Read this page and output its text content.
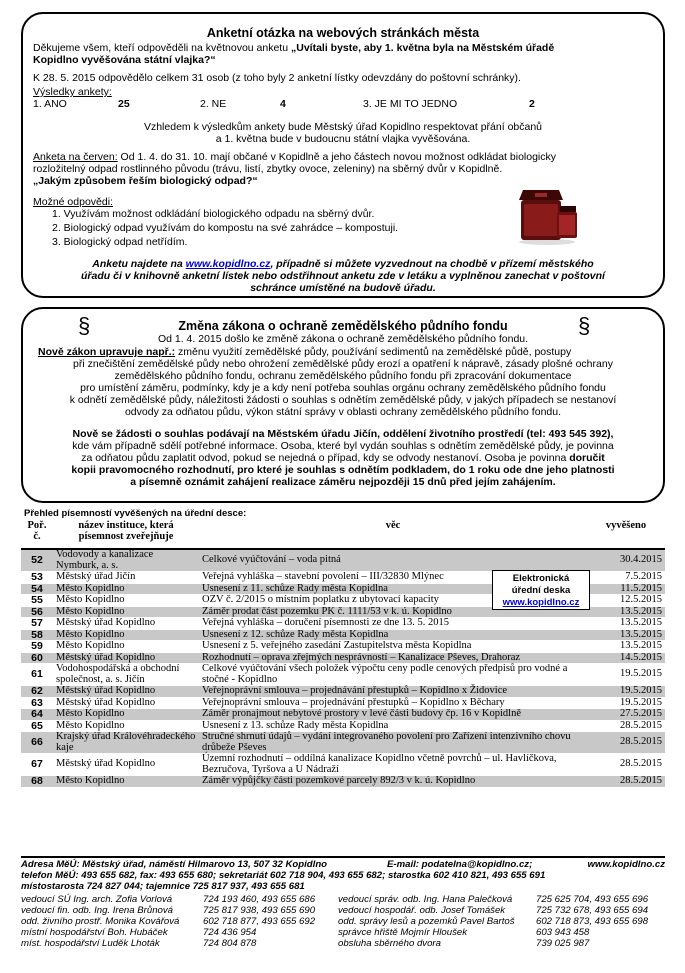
Anketní otázka na webových stránkách města
Děkujeme všem, kteří odpověděli na květnovou anketu „Uvítali byste, aby 1. května byla na Městském úřadě
Kopidlno vyvěšována státní vlajka?“
K 28. 5. 2015 odpovědělo celkem 31 osob (z toho byly 2 anketní lístky odevzdány do poštovní schránky).
Výsledky ankety:
1. ANO	25	2. NE	4	3. JE MI TO JEDNO	2
Vzhledem k výsledkům ankety bude Městský úřad Kopidlno respektovat přání občanů
a 1. května bude v budoucnu státní vlajka vyvěšována.
Anketa na červen: Od 1. 4. do 31. 10. mají občané v Kopidlně a jeho částech novou možnost odkládat biologicky
rozložitelný odpad rostlinného původu (trávu, listí, zbytky ovoce, zeleniny) na sběrný dvůr v Kopidlně.
„Jakým způsobem řeším biologický odpad?“
Možné odpovědi:
1. Využívám možnost odkládání biologického odpadu na sběrný dvůr.
2. Biologický odpad využívám do kompostu na své zahrádce – kompostuji.
3. Biologický odpad netřídím.
Anketu najdete na www.kopidlno.cz, případně si můžete vyzvednout na chodbě v přízemí městského
úřadu či v knihovně anketní lístek nebo odstřihnout anketu zde v letáku a vyplněnou zanechat v poštovní
schránce umístěné na budově úřadu.
§	§
Změna zákona o ochraně zemědělského půdního fondu
Od 1. 4. 2015 došlo ke změně zákona o ochraně zemědělského půdního fondu.
Nově zákon upravuje např.: změnu využití zemědělské půdy, používání sedimentů na zemědělské půdě, postupy
při znečištění zemědělské půdy nebo ohrožení zemědělské půdy erozí a opatření k nápravě, zásady plošné ochrany
zemědělského půdního fondu, ochranu zemědělského půdního fondu při zpracování dokumentace
pro umístění záměru, podmínky, kdy je a kdy není potřeba souhlas orgánu ochrany zemědělského půdního fondu
k odnětí zemědělské půdy, náležitosti žádosti o souhlas s odnětím zemědělské půdy, v jakých případech se nestanoví
odvody za odňatou půdu, výkon státní správy v oblasti ochrany zemědělského půdního fondu.
Nově se žádosti o souhlas podávají na Městském úřadu Jičín, oddělení životního prostředí (tel: 493 545 392),
kde vám případně sdělí potřebné informace. Osoba, které byl vydán souhlas s odnětím zemědělské půdy, je povinna
za odňatou půdu zaplatit odvod, pokud se nejedná o případ, kdy se odvody nestanoví. Osoba je povinna doručit
kopii pravomocného rozhodnutí, pro které je souhlas s odnětím podkladem, do 1 roku ode dne jeho platnosti
a písemně oznámit zahájení realizace záměru nejpozději 15 dnů před jejím zahájením.
Přehled písemností vyvěšených na úřední desce:
Poř. č.	název instituce, která písemnost zveřejňuje	věc	vyvěšeno
52	Vodovody a kanalizace Nymburk, a. s.	Celkové vyúčtování – voda pitná	30.4.2015
53	Městský úřad Jičín	Veřejná vyhláška – stavební povolení – III/32830 Mlýnec	7.5.2015
54	Město Kopidlno	Usnesení z 11. schůze Rady města Kopidlna	11.5.2015
55	Město Kopidlno	OZV č. 2/2015 o místním poplatku z ubytovací kapacity	12.5.2015
56	Město Kopidlno	Záměr prodat část pozemku PK č. 1111/53 v k. ú. Kopidlno	13.5.2015
57	Městský úřad Kopidlno	Veřejná vyhláška – doručení písemnosti ze dne 13. 5. 2015	13.5.2015
58	Město Kopidlno	Usnesení z 12. schůze Rady města Kopidlna	13.5.2015
59	Město Kopidlno	Usnesení z 5. veřejného zasedání Zastupitelstva města Kopidlna	13.5.2015
60	Městský úřad Kopidlno	Rozhodnutí – oprava zřejmých nesprávností – Kanalizace Pševes, Drahoraz	14.5.2015
61	Vodohospodářská a obchodní společnost, a. s. Jičín	Celkové vyúčtování všech položek výpočtu ceny podle cenových předpisů pro vodné a stočné - Kopidlno	19.5.2015
62	Městský úřad Kopidlno	Veřejnoprávní smlouva – projednávání přestupků – Kopidlno x Židovice	19.5.2015
63	Městský úřad Kopidlno	Veřejnoprávní smlouva – projednávání přestupků – Kopidlno x Běchary	19.5.2015
64	Město Kopidlno	Záměr pronajmout nebytové prostory v levé části budovy čp. 16 v Kopidlně	27.5.2015
65	Město Kopidlno	Usnesení z 13. schůze Rady města Kopidlna	28.5.2015
66	Krajský úřad Královéhradeckého kaje	Stručné shrnutí údajů – vydání integrovaného povolení pro Zařízení intenzivního chovu drůbeže Pševes	28.5.2015
67	Městský úřad Kopidlno	Územní rozhodnutí – oddílná kanalizace Kopidlno včetně povrchů – ul. Havlíčkova, Bezručova, Tyršova a U Nádraží	28.5.2015
68	Město Kopidlno	Záměr výpůjčky části pozemkové parcely 892/3 v k. ú. Kopidlno	28.5.2015
Elektronická
úřední deska
www.kopidlno.cz
Adresa MěÚ: Městský úřad, náměstí Hilmarovo 13, 507 32 Kopidlno	E-mail: podatelna@kopidlno.cz;	www.kopidlno.cz
telefon MěÚ: 493 655 682, fax: 493 655 680; sekretariát 602 718 904, 493 655 682; starostka 602 410 821, 493 655 691
místostarosta 724 827 044; tajemnice 725 817 937, 493 655 681
vedoucí SÚ Ing. arch. Zofia Vorlová	724 193 460, 493 655 686
vedoucí fin. odb. Ing. Irena Brůnová	725 817 938, 493 655 690
odd. živního prostř. Monika Kovářová 602 718 877, 493 655 692
místní hospodářství Boh. Hubáček	724 436 954
míst. hospodářství Luděk Lhoták	724 804 878
vedoucí správ. odb. Ing. Hana Palečková 725 625 704, 493 655 696
vedoucí hospodář. odb. Josef Tomášek	725 732 678, 493 655 694
odd. správy lesů a pozemků Pavel Bartoš 602 718 873, 493 655 698
správce hřiště Mojmír Hloušek	603 943 458
obsluha sběrného dvora	739 025 987
